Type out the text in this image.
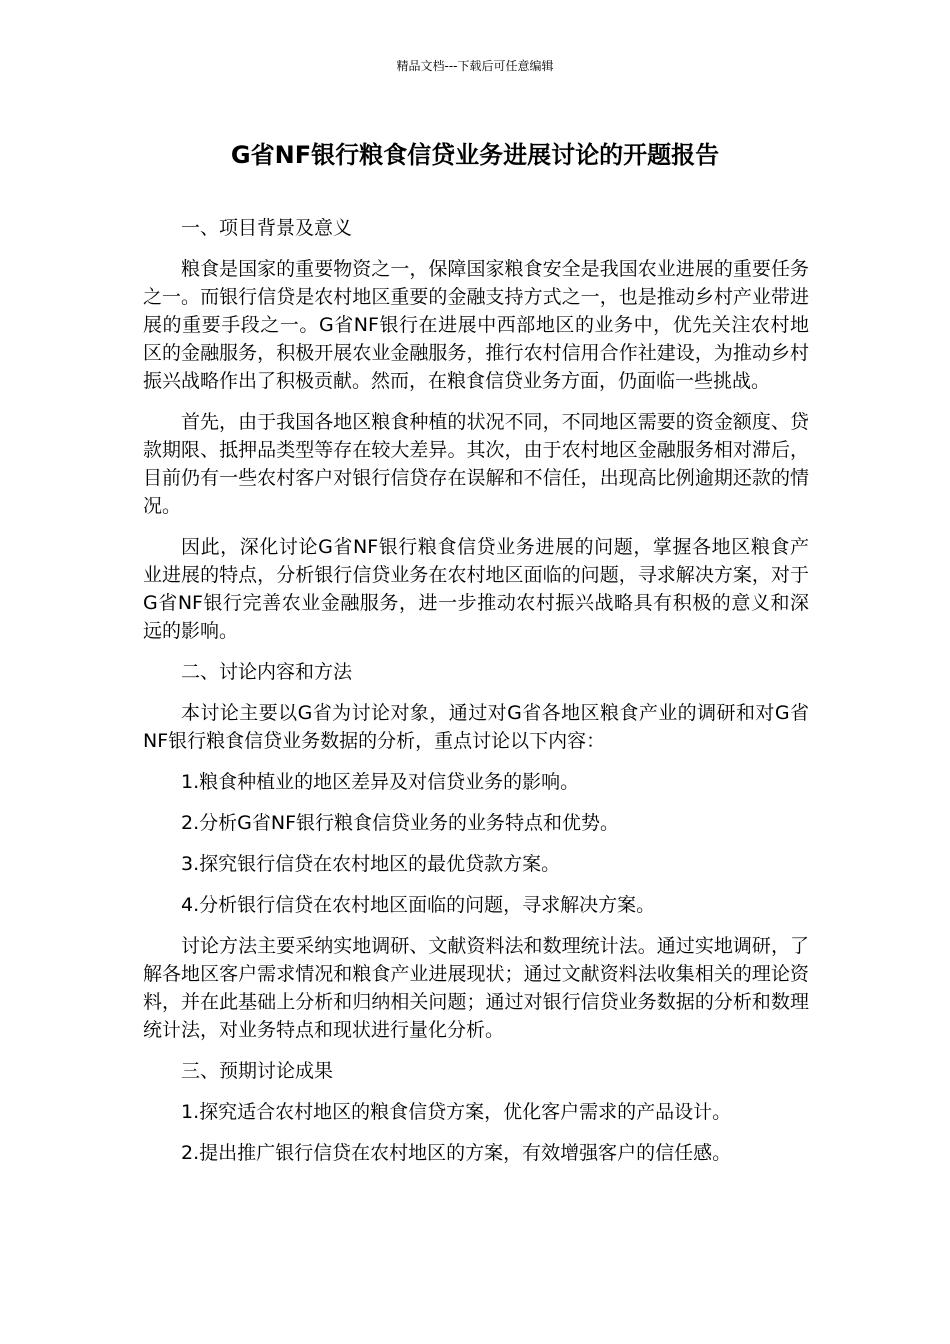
精品文档---下载后可任意编辑
G省NF银行粮食信贷业务进展讨论的开题报告

一、项目背景及意义

粮食是国家的重要物资之一，保障国家粮食安全是我国农业进展的重要任务之一。而银行信贷是农村地区重要的金融支持方式之一，也是推动乡村产业带进展的重要手段之一。G省NF银行在进展中西部地区的业务中，优先关注农村地区的金融服务，积极开展农业金融服务，推行农村信用合作社建设，为推动乡村振兴战略作出了积极贡献。然而，在粮食信贷业务方面，仍面临一些挑战。

首先，由于我国各地区粮食种植的状况不同，不同地区需要的资金额度、贷款期限、抵押品类型等存在较大差异。其次，由于农村地区金融服务相对滞后，目前仍有一些农村客户对银行信贷存在误解和不信任，出现高比例逾期还款的情况。

因此，深化讨论G省NF银行粮食信贷业务进展的问题，掌握各地区粮食产业进展的特点，分析银行信贷业务在农村地区面临的问题，寻求解决方案，对于G省NF银行完善农业金融服务，进一步推动农村振兴战略具有积极的意义和深远的影响。

二、讨论内容和方法

本讨论主要以G省为讨论对象，通过对G省各地区粮食产业的调研和对G省NF银行粮食信贷业务数据的分析，重点讨论以下内容：

1.粮食种植业的地区差异及对信贷业务的影响。

2.分析G省NF银行粮食信贷业务的业务特点和优势。

3.探究银行信贷在农村地区的最优贷款方案。

4.分析银行信贷在农村地区面临的问题，寻求解决方案。

讨论方法主要采纳实地调研、文献资料法和数理统计法。通过实地调研，了解各地区客户需求情况和粮食产业进展现状；通过文献资料法收集相关的理论资料，并在此基础上分析和归纳相关问题；通过对银行信贷业务数据的分析和数理统计法，对业务特点和现状进行量化分析。

三、预期讨论成果

1.探究适合农村地区的粮食信贷方案，优化客户需求的产品设计。

2.提出推广银行信贷在农村地区的方案，有效增强客户的信任感。
